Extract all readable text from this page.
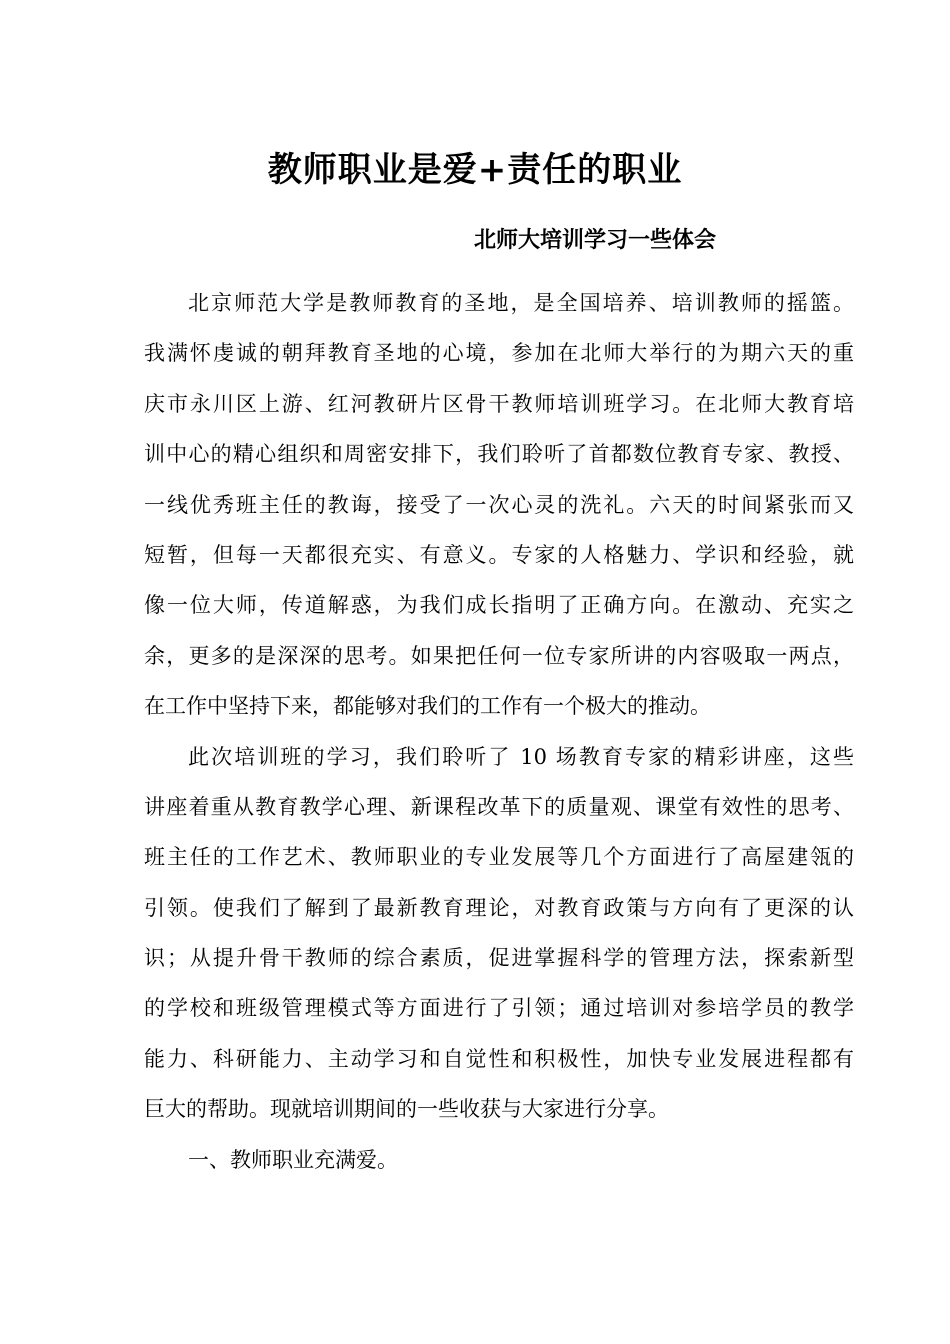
教师职业是爱+责任的职业
北师大培训学习一些体会
北京师范大学是教师教育的圣地，是全国培养、培训教师的摇篮。
我满怀虔诚的朝拜教育圣地的心境，参加在北师大举行的为期六天的重
庆市永川区上游、红河教研片区骨干教师培训班学习。在北师大教育培
训中心的精心组织和周密安排下，我们聆听了首都数位教育专家、教授、
一线优秀班主任的教诲，接受了一次心灵的洗礼。六天的时间紧张而又
短暂，但每一天都很充实、有意义。专家的人格魅力、学识和经验，就
像一位大师，传道解惑，为我们成长指明了正确方向。在激动、充实之
余，更多的是深深的思考。如果把任何一位专家所讲的内容吸取一两点，
在工作中坚持下来，都能够对我们的工作有一个极大的推动。
此次培训班的学习，我们聆听了 10 场教育专家的精彩讲座，这些
讲座着重从教育教学心理、新课程改革下的质量观、课堂有效性的思考、
班主任的工作艺术、教师职业的专业发展等几个方面进行了高屋建瓴的
引领。使我们了解到了最新教育理论，对教育政策与方向有了更深的认
识；从提升骨干教师的综合素质，促进掌握科学的管理方法，探索新型
的学校和班级管理模式等方面进行了引领；通过培训对参培学员的教学
能力、科研能力、主动学习和自觉性和积极性，加快专业发展进程都有
巨大的帮助。现就培训期间的一些收获与大家进行分享。
一、教师职业充满爱。
